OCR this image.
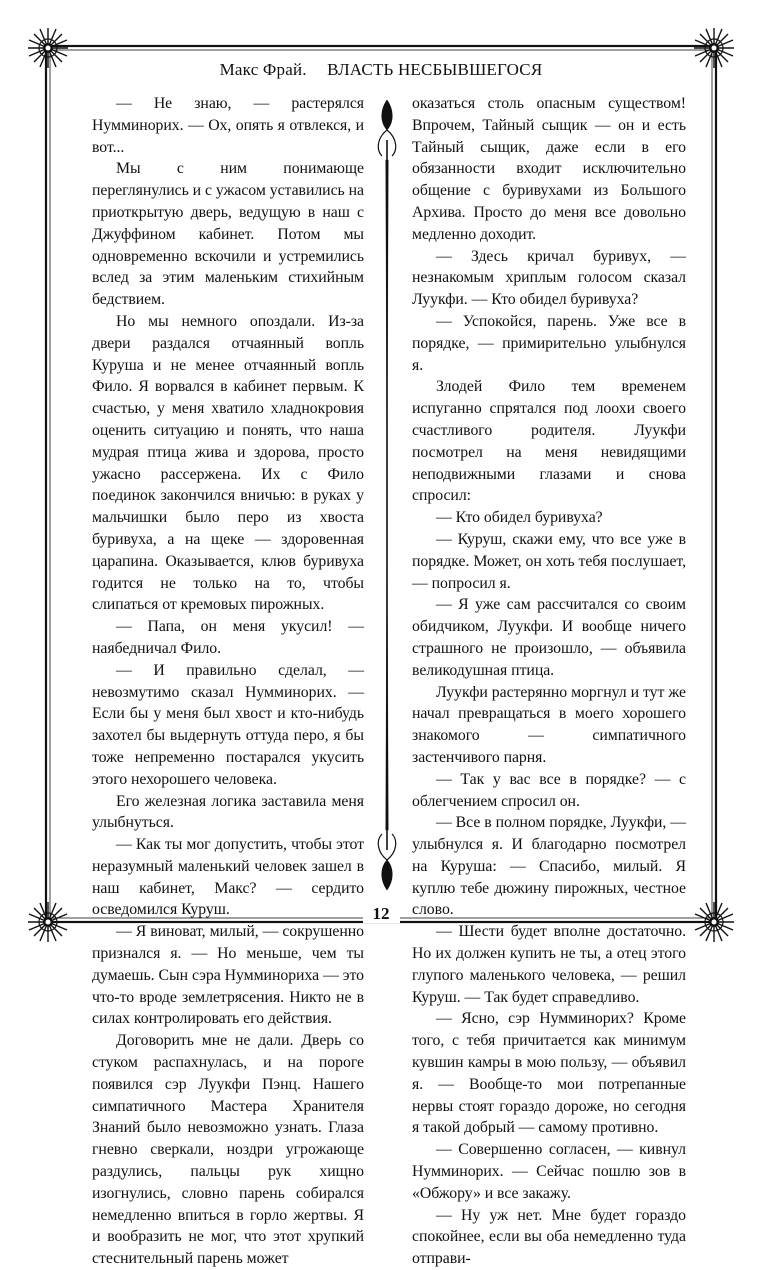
Макс Фрай. ВЛАСТЬ НЕСБЫВШЕГОСЯ

— Не знаю, — растерялся Нумминорих. — Ох, опять я отвлекся, и вот...

Мы с ним понимающе переглянулись и с ужасом уставились на приоткрытую дверь, ведущую в наш с Джуффином кабинет. Потом мы одновременно вскочили и устремились вслед за этим маленьким стихийным бедствием.

Но мы немного опоздали. Из-за двери раздался отчаянный вопль Куруша и не менее отчаянный вопль Фило. Я ворвался в кабинет первым. К счастью, у меня хватило хладнокровия оценить ситуацию и понять, что наша мудрая птица жива и здорова, просто ужасно рассержена. Их с Фило поединок закончился вничью: в руках у мальчишки было перо из хвоста буривуха, а на щеке — здоровенная царапина. Оказывается, клюв буривуха годится не только на то, чтобы слипаться от кремовых пирожных.

— Папа, он меня укусил! — наябедничал Фило.

— И правильно сделал, — невозмутимо сказал Нумминорих. — Если бы у меня был хвост и кто-нибудь захотел бы выдернуть оттуда перо, я бы тоже непременно постарался укусить этого нехорошего человека.

Его железная логика заставила меня улыбнуться.

— Как ты мог допустить, чтобы этот неразумный маленький человек зашел в наш кабинет, Макс? — сердито осведомился Куруш.

— Я виноват, милый, — сокрушенно признался я. — Но меньше, чем ты думаешь. Сын сэра Нумминориха — это что-то вроде землетрясения. Никто не в силах контролировать его действия.

Договорить мне не дали. Дверь со стуком распахнулась, и на пороге появился сэр Луукфи Пэнц. Нашего симпатичного Мастера Хранителя Знаний было невозможно узнать. Глаза гневно сверкали, ноздри угрожающе раздулись, пальцы рук хищно изогнулись, словно парень собирался немедленно впиться в горло жертвы. Я и вообразить не мог, что этот хрупкий стеснительный парень может

оказаться столь опасным существом! Впрочем, Тайный сыщик — он и есть Тайный сыщик, даже если в его обязанности входит исключительно общение с буривухами из Большого Архива. Просто до меня все довольно медленно доходит.

— Здесь кричал буривух, — незнакомым хриплым голосом сказал Луукфи. — Кто обидел буривуха?

— Успокойся, парень. Уже все в порядке, — примирительно улыбнулся я.

Злодей Фило тем временем испуганно спрятался под лоохи своего счастливого родителя. Луукфи посмотрел на меня невидящими неподвижными глазами и снова спросил:

— Кто обидел буривуха?

— Куруш, скажи ему, что все уже в порядке. Может, он хоть тебя послушает, — попросил я.

— Я уже сам рассчитался со своим обидчиком, Луукфи. И вообще ничего страшного не произошло, — объявила великодушная птица.

Луукфи растерянно моргнул и тут же начал превращаться в моего хорошего знакомого — симпатичного застенчивого парня.

— Так у вас все в порядке? — с облегчением спросил он.

— Все в полном порядке, Луукфи, — улыбнулся я. И благодарно посмотрел на Куруша: — Спасибо, милый. Я куплю тебе дюжину пирожных, честное слово.

— Шести будет вполне достаточно. Но их должен купить не ты, а отец этого глупого маленького человека, — решил Куруш. — Так будет справедливо.

— Ясно, сэр Нумминорих? Кроме того, с тебя причитается как минимум кувшин камры в мою пользу, — объявил я. — Вообще-то мои потрепанные нервы стоят гораздо дороже, но сегодня я такой добрый — самому противно.

— Совершенно согласен, — кивнул Нумминорих. — Сейчас пошлю зов в «Обжору» и все закажу.

— Ну уж нет. Мне будет гораздо спокойнее, если вы оба немедленно туда отправи-

12
